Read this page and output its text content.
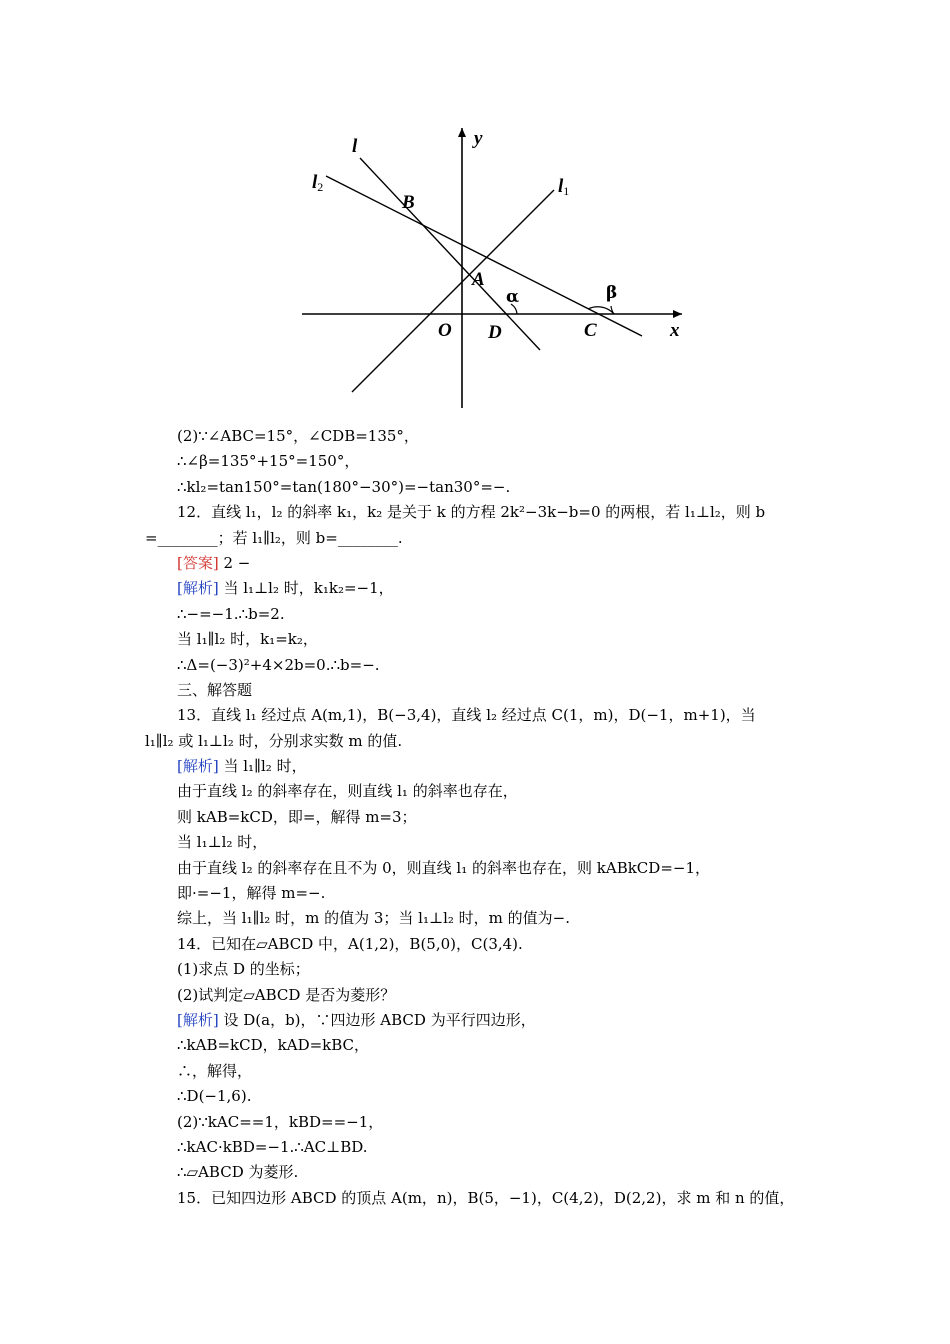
y
x
O
A
B
C
D
l
l1
l2
α	β
(2)∵∠ABC=15°，∠CDB=135°，
∴∠β=135°+15°=150°，
∴kl₂=tan150°=tan(180°−30°)=−tan30°=−.
12．直线 l₁，l₂ 的斜率 k₁，k₂ 是关于 k 的方程 2k²−3k−b=0 的两根，若 l₁⊥l₂，则 b
=________；若 l₁∥l₂，则 b=________.
[答案] 2 −
[解析] 当 l₁⊥l₂ 时，k₁k₂=−1，
∴−=−1.∴b=2.
当 l₁∥l₂ 时，k₁=k₂，
∴Δ=(−3)²+4×2b=0.∴b=−.
三、解答题
13．直线 l₁ 经过点 A(m,1)，B(−3,4)，直线 l₂ 经过点 C(1，m)，D(−1，m+1)，当
l₁∥l₂ 或 l₁⊥l₂ 时，分别求实数 m 的值.
[解析] 当 l₁∥l₂ 时，
由于直线 l₂ 的斜率存在，则直线 l₁ 的斜率也存在，
则 kAB=kCD，即=，解得 m=3；
当 l₁⊥l₂ 时，
由于直线 l₂ 的斜率存在且不为 0，则直线 l₁ 的斜率也存在，则 kABkCD=−1，
即·=−1，解得 m=−.
综上，当 l₁∥l₂ 时，m 的值为 3；当 l₁⊥l₂ 时，m 的值为−.
14．已知在▱ABCD 中，A(1,2)，B(5,0)，C(3,4).
(1)求点 D 的坐标；
(2)试判定▱ABCD 是否为菱形？
[解析] 设 D(a，b)，∵四边形 ABCD 为平行四边形，
∴kAB=kCD，kAD=kBC，
∴，解得，
∴D(−1,6).
(2)∵kAC==1，kBD==−1，
∴kAC·kBD=−1.∴AC⊥BD.
∴▱ABCD 为菱形.
15．已知四边形 ABCD 的顶点 A(m，n)，B(5，−1)，C(4,2)，D(2,2)，求 m 和 n 的值，
